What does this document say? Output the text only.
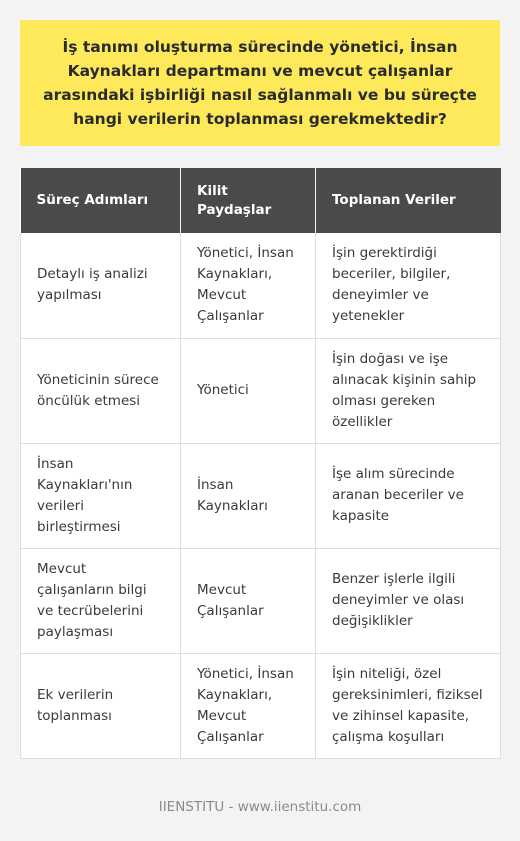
İş tanımı oluşturma sürecinde yönetici, İnsan Kaynakları departmanı ve mevcut çalışanlar arasındaki işbirliği nasıl sağlanmalı ve bu süreçte hangi verilerin toplanması gerekmektedir?

Süreç Adımları	Kilit Paydaşlar	Toplanan Veriler
Detaylı iş analizi yapılması	Yönetici, İnsan Kaynakları, Mevcut Çalışanlar	İşin gerektirdiği beceriler, bilgiler, deneyimler ve yetenekler
Yöneticinin sürece öncülük etmesi	Yönetici	İşin doğası ve işe alınacak kişinin sahip olması gereken özellikler
İnsan Kaynakları'nın verileri birleştirmesi	İnsan Kaynakları	İşe alım sürecinde aranan beceriler ve kapasite
Mevcut çalışanların bilgi ve tecrübelerini paylaşması	Mevcut Çalışanlar	Benzer işlerle ilgili deneyimler ve olası değişiklikler
Ek verilerin toplanması	Yönetici, İnsan Kaynakları, Mevcut Çalışanlar	İşin niteliği, özel gereksinimleri, fiziksel ve zihinsel kapasite, çalışma koşulları
IIENSTITU - www.iienstitu.com
